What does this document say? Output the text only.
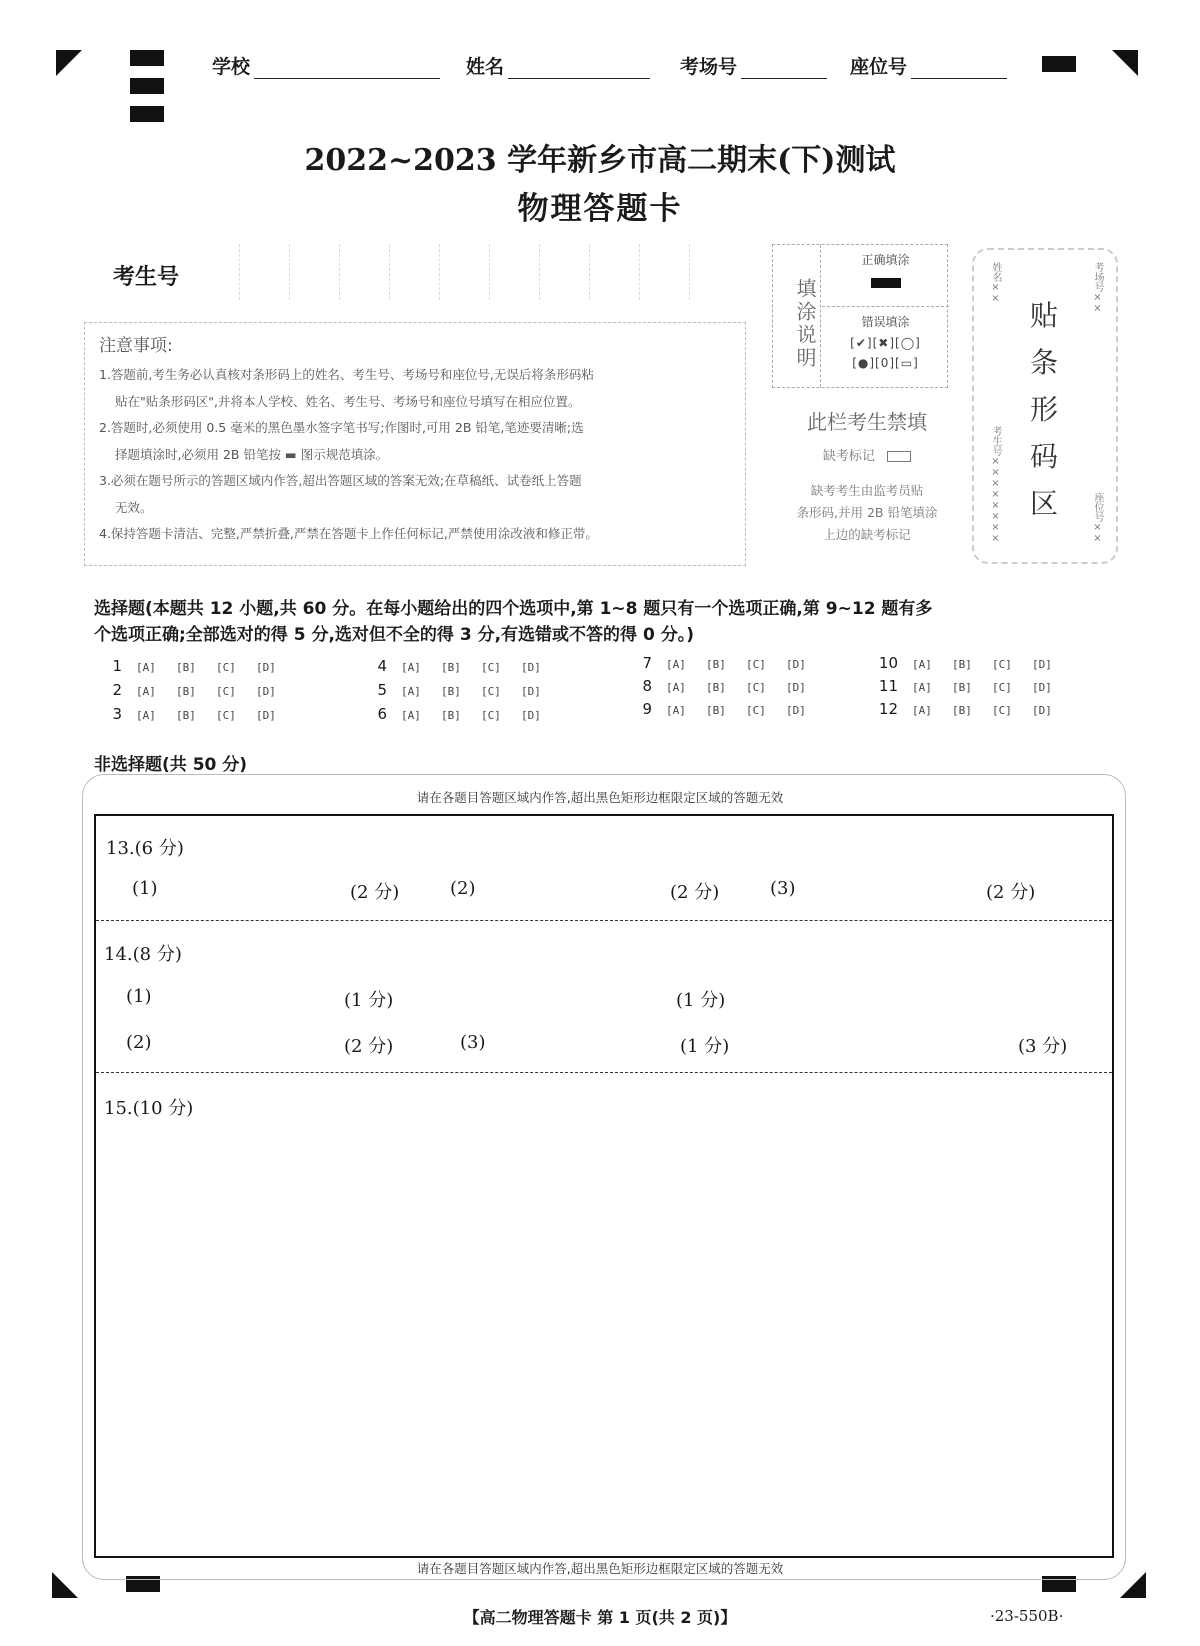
学校	姓名	考场号	座位号
2022~2023 学年新乡市高二期末(下)测试
物理答题卡
考生号
注意事项:
1.答题前,考生务必认真核对条形码上的姓名、考生号、考场号和座位号,无误后将条形码粘
贴在"贴条形码区",并将本人学校、姓名、考生号、考场号和座位号填写在相应位置。
2.答题时,必须使用 0.5 毫米的黑色墨水签字笔书写;作图时,可用 2B 铅笔,笔迹要清晰;选
择题填涂时,必须用 2B 铅笔按 ▬ 图示规范填涂。
3.必须在题号所示的答题区域内作答,超出答题区域的答案无效;在草稿纸、试卷纸上答题
无效。
4.保持答题卡清洁、完整,严禁折叠,严禁在答题卡上作任何标记,严禁使用涂改液和修正带。
填涂说明
正确填涂
错误填涂
[✔][✖][◯]
[●][0][▭]
此栏考生禁填
缺考标记
缺考考生由监考员贴
条形码,并用 2B 铅笔填涂
上边的缺考标记
姓名××
考生号××××××××
考场号××
座位号××
贴
条
形
码
区
选择题(本题共 12 小题,共 60 分。在每小题给出的四个选项中,第 1~8 题只有一个选项正确,第 9~12 题有多
个选项正确;全部选对的得 5 分,选对但不全的得 3 分,有选错或不答的得 0 分。)
1 [A] [B] [C] [D]
2 [A] [B] [C] [D]
3 [A] [B] [C] [D]
4 [A] [B] [C] [D]
5 [A] [B] [C] [D]
6 [A] [B] [C] [D]
7 [A] [B] [C] [D]
8 [A] [B] [C] [D]
9 [A] [B] [C] [D]
10 [A] [B] [C] [D]
11 [A] [B] [C] [D]
12 [A] [B] [C] [D]
非选择题(共 50 分)
请在各题目答题区域内作答,超出黑色矩形边框限定区域的答题无效
请在各题目答题区域内作答,超出黑色矩形边框限定区域的答题无效
13.(6 分)
(1)	(2 分)	(2)	(2 分)	(3)	(2 分)
14.(8 分)
(1)	(1 分)	(1 分)
(2)	(2 分)	(3)	(1 分)	(3 分)
15.(10 分)
【高二物理答题卡 第 1 页(共 2 页)】	·23-550B·
